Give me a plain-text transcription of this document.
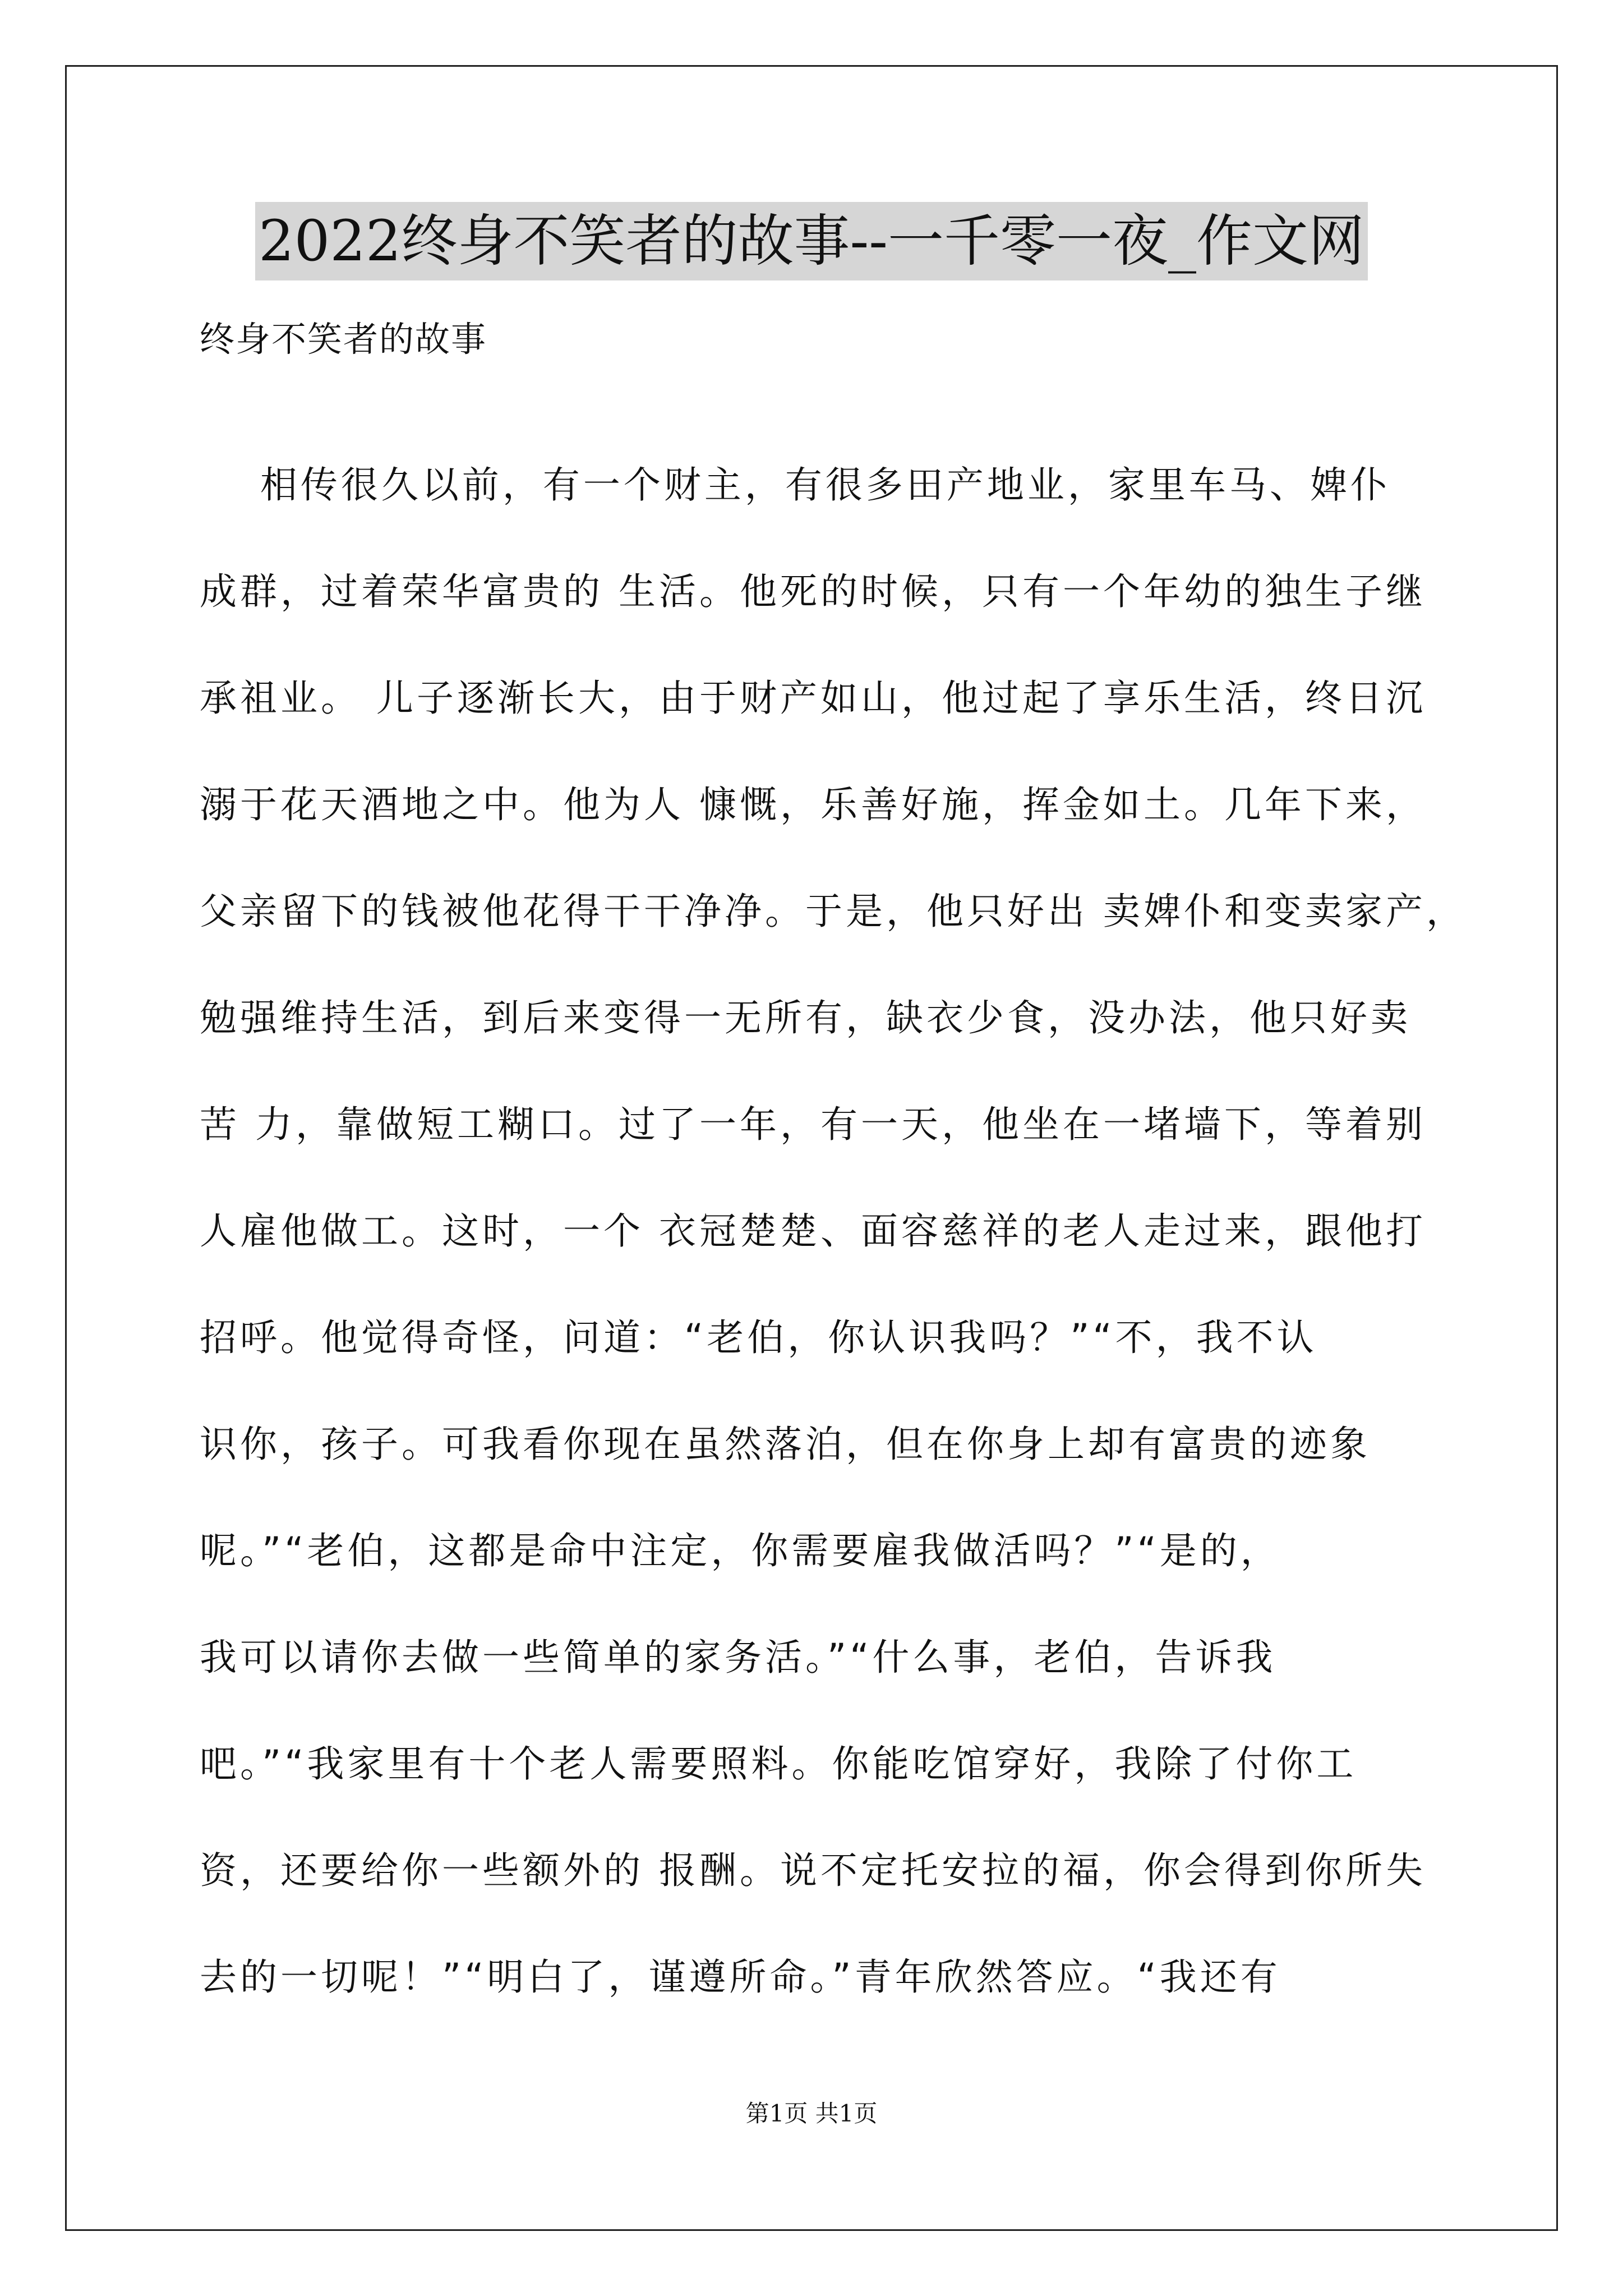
2022终身不笑者的故事--一千零一夜_作文网
终身不笑者的故事
相传很久以前，有一个财主，有很多田产地业，家里车马、婢仆
成群，过着荣华富贵的 生活。他死的时候，只有一个年幼的独生子继
承祖业。 儿子逐渐长大，由于财产如山，他过起了享乐生活，终日沉
溺于花天酒地之中。他为人 慷慨，乐善好施，挥金如土。几年下来，
父亲留下的钱被他花得干干净净。于是，他只好出 卖婢仆和变卖家产，
勉强维持生活，到后来变得一无所有，缺衣少食，没办法，他只好卖
苦 力，靠做短工糊口。过了一年，有一天，他坐在一堵墙下，等着别
人雇他做工。这时，一个 衣冠楚楚、面容慈祥的老人走过来，跟他打
招呼。他觉得奇怪，问道：“老伯，你认识我吗？”“不，我不认
识你，孩子。可我看你现在虽然落泊，但在你身上却有富贵的迹象
呢。”“老伯，这都是命中注定，你需要雇我做活吗？”“是的，
我可以请你去做一些简单的家务活。”“什么事，老伯，告诉我
吧。”“我家里有十个老人需要照料。你能吃馆穿好，我除了付你工
资，还要给你一些额外的 报酬。说不定托安拉的福，你会得到你所失
去的一切呢！”“明白了，谨遵所命。”青年欣然答应。“我还有
第1页 共1页
